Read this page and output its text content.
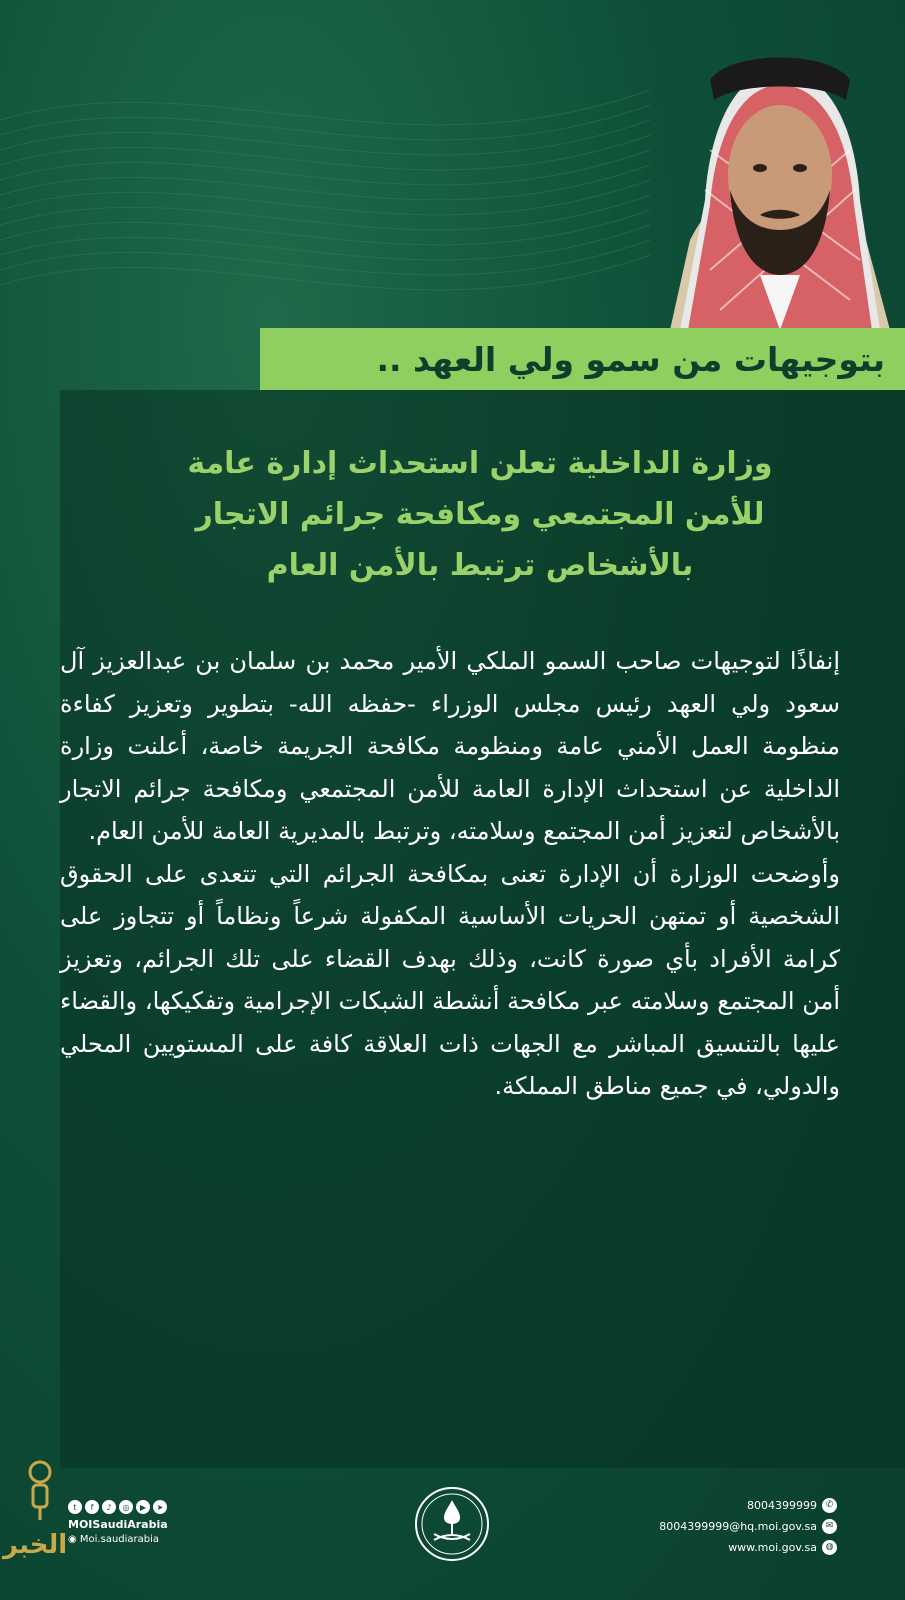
بتوجيهات من سمو ولي العهد ..
وزارة الداخلية تعلن استحداث إدارة عامة
للأمن المجتمعي ومكافحة جرائم الاتجار
بالأشخاص ترتبط بالأمن العام

إنفاذًا لتوجيهات صاحب السمو الملكي الأمير محمد بن سلمان بن عبدالعزيز آل سعود ولي العهد رئيس مجلس الوزراء -حفظه الله- بتطوير وتعزيز كفاءة منظومة العمل الأمني عامة ومنظومة مكافحة الجريمة خاصة، أعلنت وزارة الداخلية عن استحداث الإدارة العامة للأمن المجتمعي ومكافحة جرائم الاتجار بالأشخاص لتعزيز أمن المجتمع وسلامته، وترتبط بالمديرية العامة للأمن العام.

وأوضحت الوزارة أن الإدارة تعنى بمكافحة الجرائم التي تتعدى على الحقوق الشخصية أو تمتهن الحريات الأساسية المكفولة شرعاً ونظاماً أو تتجاوز على كرامة الأفراد بأي صورة كانت، وذلك بهدف القضاء على تلك الجرائم، وتعزيز أمن المجتمع وسلامته عبر مكافحة أنشطة الشبكات الإجرامية وتفكيكها، والقضاء عليها بالتنسيق المباشر مع الجهات ذات العلاقة كافة على المستويين المحلي والدولي، في جميع مناطق المملكة.

الخبر
t	f	♪	◎	▶	➤
MOISaudiArabia
◉ Moi.saudiarabia
8004399999 ✆
8004399999@hq.moi.gov.sa ✉
www.moi.gov.sa ◍
